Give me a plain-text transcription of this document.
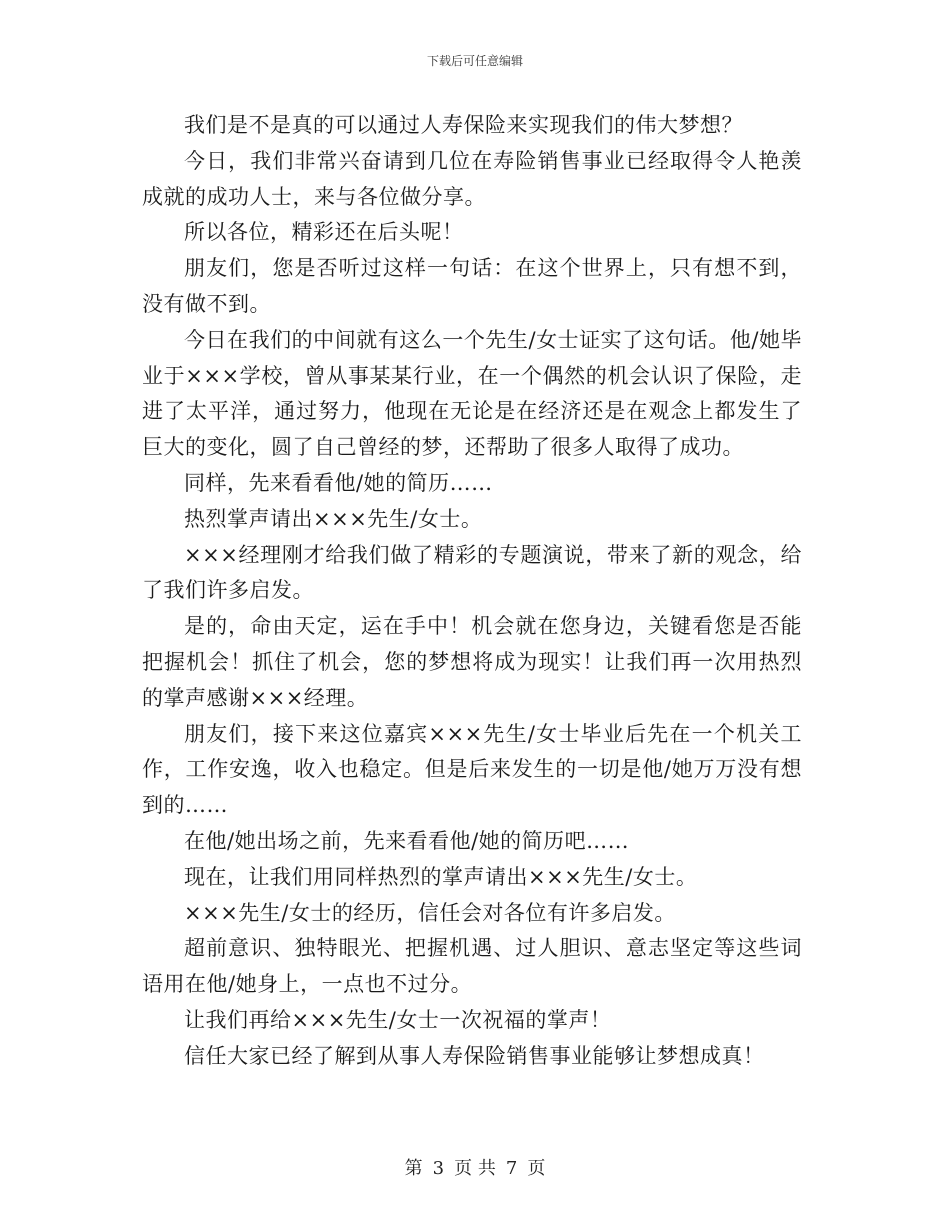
下载后可任意编辑

我们是不是真的可以通过人寿保险来实现我们的伟大梦想？

今日，我们非常兴奋请到几位在寿险销售事业已经取得令人艳羡成就的成功人士，来与各位做分享。

所以各位，精彩还在后头呢！

朋友们，您是否听过这样一句话：在这个世界上，只有想不到，没有做不到。

今日在我们的中间就有这么一个先生/女士证实了这句话。他/她毕业于×××学校，曾从事某某行业，在一个偶然的机会认识了保险，走进了太平洋，通过努力，他现在无论是在经济还是在观念上都发生了巨大的变化，圆了自己曾经的梦，还帮助了很多人取得了成功。

同样，先来看看他/她的简历……

热烈掌声请出×××先生/女士。

×××经理刚才给我们做了精彩的专题演说，带来了新的观念，给了我们许多启发。

是的，命由天定，运在手中！机会就在您身边，关键看您是否能把握机会！抓住了机会，您的梦想将成为现实！让我们再一次用热烈的掌声感谢×××经理。

朋友们，接下来这位嘉宾×××先生/女士毕业后先在一个机关工作，工作安逸，收入也稳定。但是后来发生的一切是他/她万万没有想到的……

在他/她出场之前，先来看看他/她的简历吧……

现在，让我们用同样热烈的掌声请出×××先生/女士。

×××先生/女士的经历，信任会对各位有许多启发。

超前意识、独特眼光、把握机遇、过人胆识、意志坚定等这些词语用在他/她身上，一点也不过分。

让我们再给×××先生/女士一次祝福的掌声！

信任大家已经了解到从事人寿保险销售事业能够让梦想成真！

第 3 页 共 7 页
